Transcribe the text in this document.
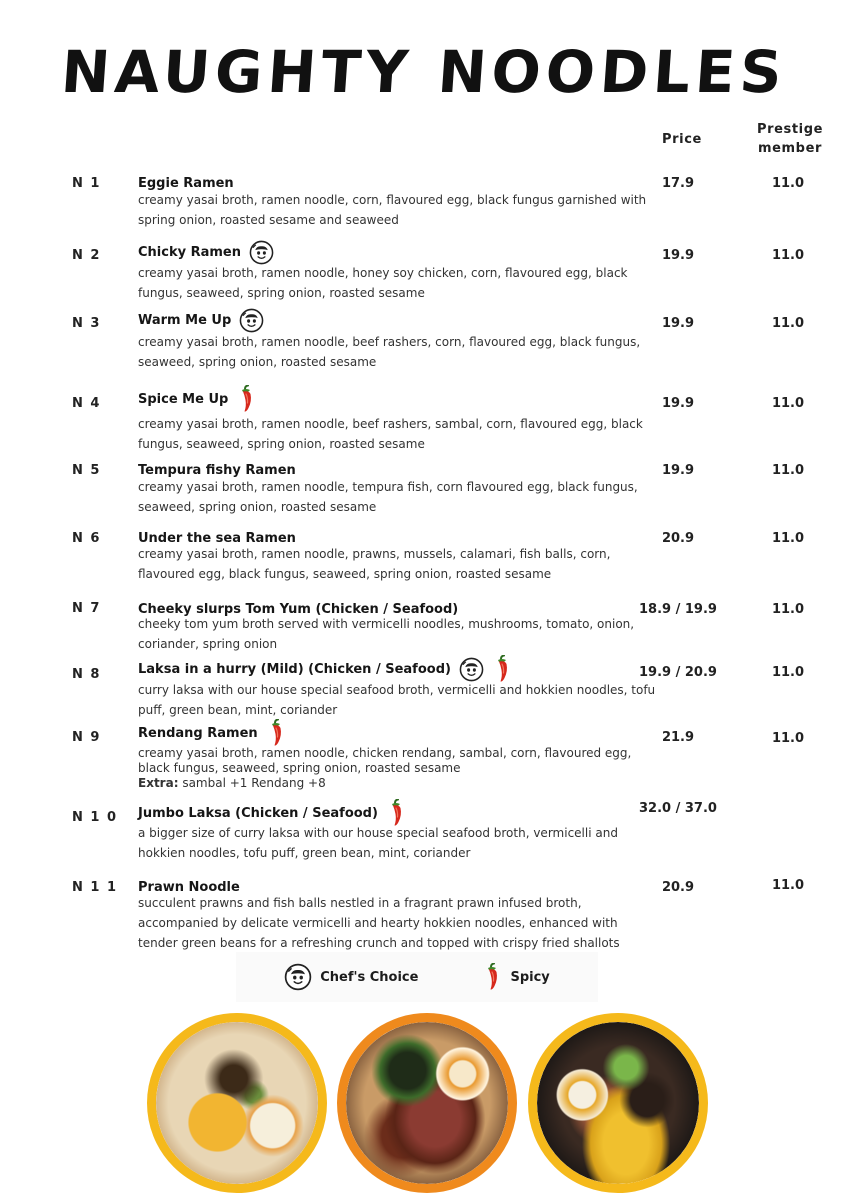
NAUGHTY NOODLES
Price
Prestige
member
N 1	Eggie Ramen
creamy yasai broth, ramen noodle, corn, flavoured egg, black fungus garnished with spring onion, roasted sesame and seaweed
17.9	11.0
N 2	Chicky Ramen
creamy yasai broth, ramen noodle, honey soy chicken, corn, flavoured egg, black fungus, seaweed, spring onion, roasted sesame
19.9	11.0
N 3	Warm Me Up
creamy yasai broth, ramen noodle, beef rashers, corn, flavoured egg, black fungus, seaweed, spring onion, roasted sesame
19.9	11.0
N 4	Spice Me Up
creamy yasai broth, ramen noodle, beef rashers, sambal, corn, flavoured egg, black fungus, seaweed, spring onion, roasted sesame
19.9	11.0
N 5	Tempura fishy Ramen
creamy yasai broth, ramen noodle, tempura fish, corn flavoured egg, black fungus, seaweed, spring onion, roasted sesame
19.9	11.0
N 6	Under the sea Ramen
creamy yasai broth, ramen noodle, prawns, mussels, calamari, fish balls, corn, flavoured egg, black fungus, seaweed, spring onion, roasted sesame
20.9	11.0
N 7	Cheeky slurps Tom Yum (Chicken / Seafood)
cheeky tom yum broth served with vermicelli noodles, mushrooms, tomato, onion, coriander, spring onion
18.9 / 19.9	11.0
N 8	Laksa in a hurry (Mild) (Chicken / Seafood)
curry laksa with our house special seafood broth, vermicelli and hokkien noodles, tofu puff, green bean, mint, coriander
19.9 / 20.9	11.0
N 9	Rendang Ramen
creamy yasai broth, ramen noodle, chicken rendang, sambal, corn, flavoured egg, black fungus, seaweed, spring onion, roasted sesame
Extra: sambal +1 Rendang +8
21.9	11.0
N 1 0 Jumbo Laksa (Chicken / Seafood)
a bigger size of curry laksa with our house special seafood broth, vermicelli and hokkien noodles, tofu puff, green bean, mint, coriander
32.0 / 37.0
N 1 1 Prawn Noodle
succulent prawns and fish balls nestled in a fragrant prawn infused broth, accompanied by delicate vermicelli and hearty hokkien noodles, enhanced with tender green beans for a refreshing crunch and topped with crispy fried shallots
20.9	11.0
Chef's Choice	Spicy
